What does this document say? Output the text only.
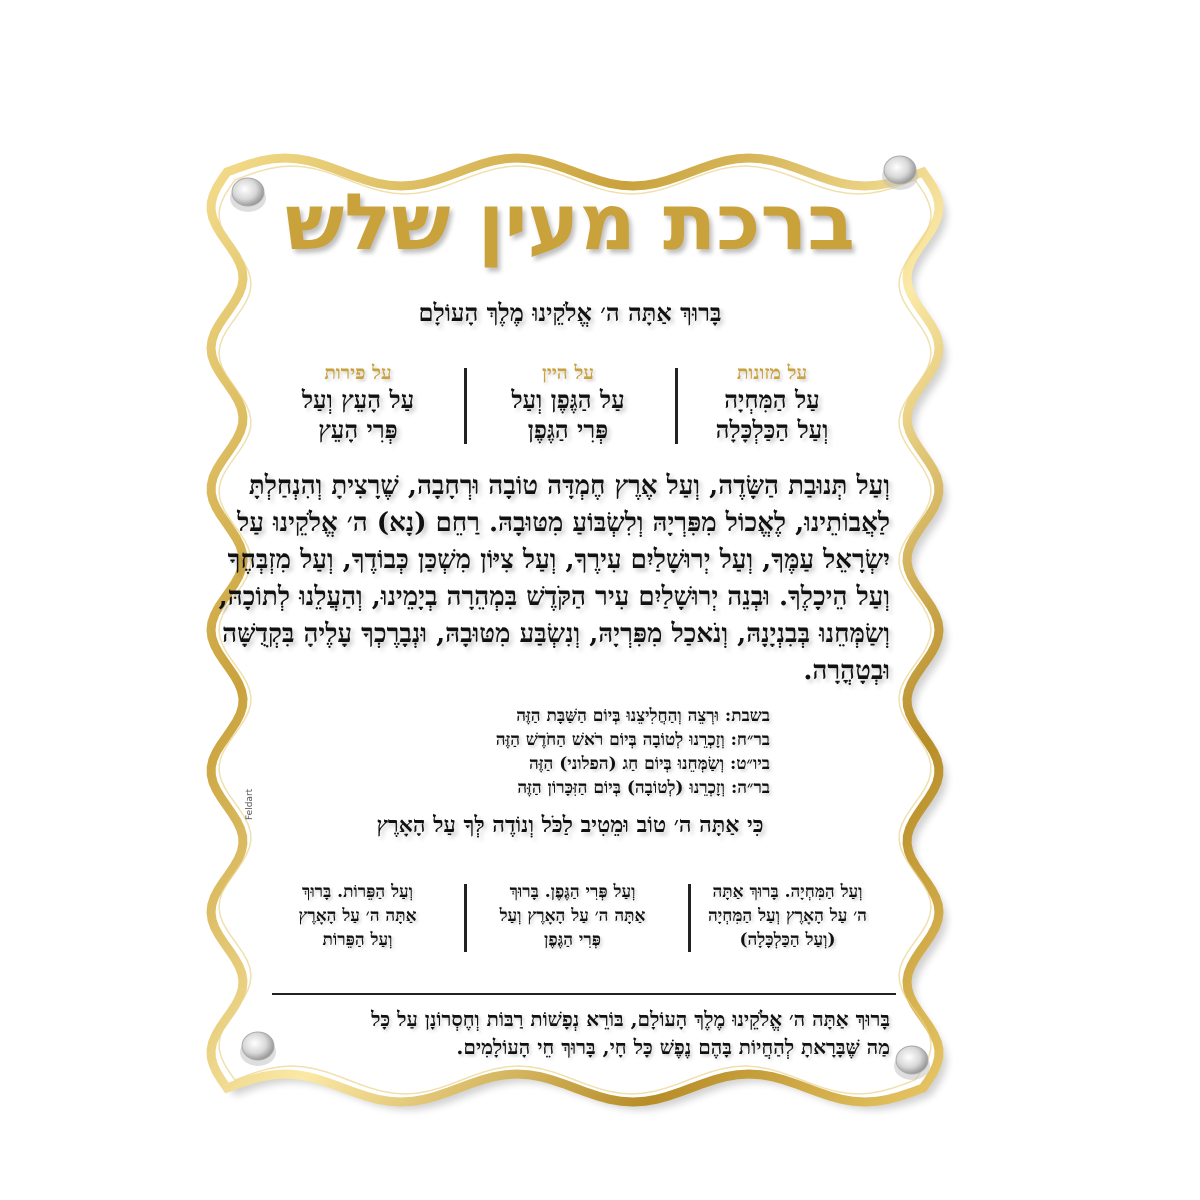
ברכת מעין שלש
בָּרוּךְ אַתָּה ה׳ אֱלֹקֵינוּ מֶלֶךְ הָעוֹלָם
על מזונות
עַל הַמִּחְיָה
וְעַל הַכַּלְכָּלָה
על היין
עַל הַגֶּפֶן וְעַל
פְּרִי הַגֶּפֶן
על פירות
עַל הָעֵץ וְעַל
פְּרִי הָעֵץ
וְעַל תְּנוּבַת הַשָּׂדֶה, וְעַל אֶרֶץ חֶמְדָּה טוֹבָה וּרְחָבָה, שֶׁרָצִיתָ וְהִנְחַלְתָּ
לַאֲבוֹתֵינוּ, לֶאֱכוֹל מִפִּרְיָהּ וְלִשְׂבּוֹעַ מִטּוּבָהּ. רַחֵם (נָא) ה׳ אֱלֹקֵינוּ עַל
יִשְׂרָאֵל עַמֶּךָ, וְעַל יְרוּשָׁלַיִם עִירֶךָ, וְעַל צִיּוֹן מִשְׁכַּן כְּבוֹדֶךָ, וְעַל מִזְבְּחֶךָ
וְעַל הֵיכָלֶךָ. וּבְנֵה יְרוּשָׁלַיִם עִיר הַקֹּדֶשׁ בִּמְהֵרָה בְיָמֵינוּ, וְהַעֲלֵנוּ לְתוֹכָהּ,
וְשַׂמְּחֵנוּ בְּבִנְיָנָהּ, וְנֹאכַל מִפִּרְיָהּ, וְנִשְׂבַּע מִטּוּבָהּ, וּנְבָרֶכְךָ עָלֶיהָ בִּקְדֻשָּׁה
וּבְטָהֳרָה.
בשבת: וּרְצֵה וְהַחֲלִיצֵנוּ בְּיוֹם הַשַּׁבָּת הַזֶּה
בר״ח: וְזָכְרֵנוּ לְטוֹבָה בְּיוֹם רֹאשׁ הַחֹדֶשׁ הַזֶּה
ביו״ט: וְשַׂמְּחֵנוּ בְּיוֹם חַג (הפלוני) הַזֶּה
בר״ה: וְזָכְרֵנוּ (לְטוֹבָה) בְּיוֹם הַזִּכָּרוֹן הַזֶּה
כִּי אַתָּה ה׳ טוֹב וּמֵטִיב לַכֹּל וְנוֹדֶה לְּךָ עַל הָאָרֶץ
וְעַל הַמִּחְיָה. בָּרוּךְ אַתָּה
ה׳ עַל הָאָרֶץ וְעַל הַמִּחְיָה
(וְעַל הַכַּלְכָּלָה)
וְעַל פְּרִי הַגֶּפֶן. בָּרוּךְ
אַתָּה ה׳ עַל הָאָרֶץ וְעַל
פְּרִי הַגֶּפֶן
וְעַל הַפֵּרוֹת. בָּרוּךְ
אַתָּה ה׳ עַל הָאָרֶץ
וְעַל הַפֵּרוֹת
בָּרוּךְ אַתָּה ה׳ אֱלֹקֵינוּ מֶלֶךְ הָעוֹלָם, בּוֹרֵא נְפָשׁוֹת רַבּוֹת וְחֶסְרוֹנָן עַל כָּל
מַה שֶּׁבָּרָאתָ לְהַחֲיוֹת בָּהֶם נֶפֶשׁ כָּל חָי, בָּרוּךְ חֵי הָעוֹלָמִים.
Feldart
